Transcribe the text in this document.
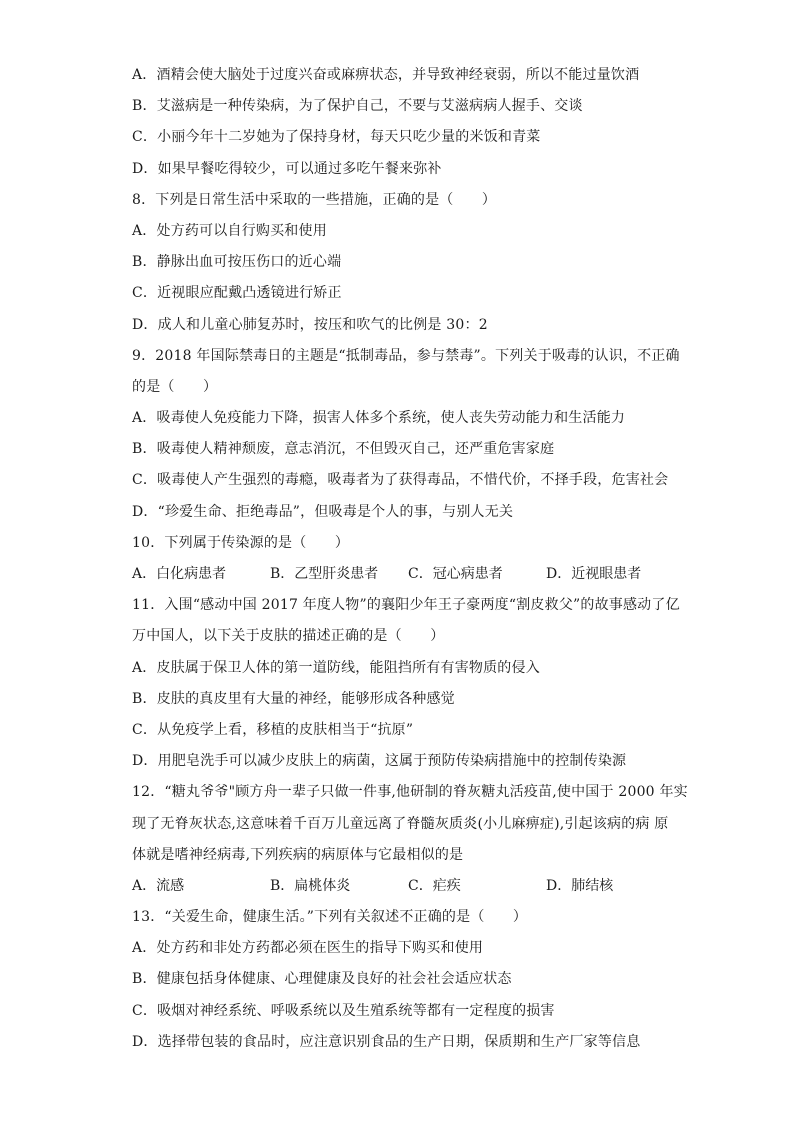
A．酒精会使大脑处于过度兴奋或麻痹状态，并导致神经衰弱，所以不能过量饮酒
B．艾滋病是一种传染病，为了保护自己，不要与艾滋病病人握手、交谈
C．小丽今年十二岁她为了保持身材，每天只吃少量的米饭和青菜
D．如果早餐吃得较少，可以通过多吃午餐来弥补
8．下列是日常生活中采取的一些措施，正确的是（　　）
A．处方药可以自行购买和使用
B．静脉出血可按压伤口的近心端
C．近视眼应配戴凸透镜进行矫正
D．成人和儿童心肺复苏时，按压和吹气的比例是 30：2
9．2018 年国际禁毒日的主题是“抵制毒品，参与禁毒”。下列关于吸毒的认识，不正确
的是（　　）
A．吸毒使人免疫能力下降，损害人体多个系统，使人丧失劳动能力和生活能力
B．吸毒使人精神颓废，意志消沉，不但毁灭自己，还严重危害家庭
C．吸毒使人产生强烈的毒瘾，吸毒者为了获得毒品，不惜代价，不择手段，危害社会
D．“珍爱生命、拒绝毒品”，但吸毒是个人的事，与别人无关
10．下列属于传染源的是（　　）
A．白化病患者	B．乙型肝炎患者	C．冠心病患者	D．近视眼患者
11．入围“感动中国 2017 年度人物”的襄阳少年王子豪两度“割皮救父”的故事感动了亿
万中国人，以下关于皮肤的描述正确的是（　　）
A．皮肤属于保卫人体的第一道防线，能阻挡所有有害物质的侵入
B．皮肤的真皮里有大量的神经，能够形成各种感觉
C．从免疫学上看，移植的皮肤相当于“抗原”
D．用肥皂洗手可以减少皮肤上的病菌，这属于预防传染病措施中的控制传染源
12．“糖丸爷爷"顾方舟一辈子只做一件事,他研制的脊灰糖丸活疫苗,使中国于 2000 年实
现了无脊灰状态,这意味着千百万儿童远离了脊髓灰质炎(小儿麻痹症),引起该病的病 原
体就是嗜神经病毒,下列疾病的病原体与它最相似的是
A．流感	B．扁桃体炎	C．疟疾	D．肺结核
13．“关爱生命，健康生活。”下列有关叙述不正确的是（　　）
A．处方药和非处方药都必须在医生的指导下购买和使用
B．健康包括身体健康、心理健康及良好的社会社会适应状态
C．吸烟对神经系统、呼吸系统以及生殖系统等都有一定程度的损害
D．选择带包装的食品时，应注意识别食品的生产日期，保质期和生产厂家等信息
